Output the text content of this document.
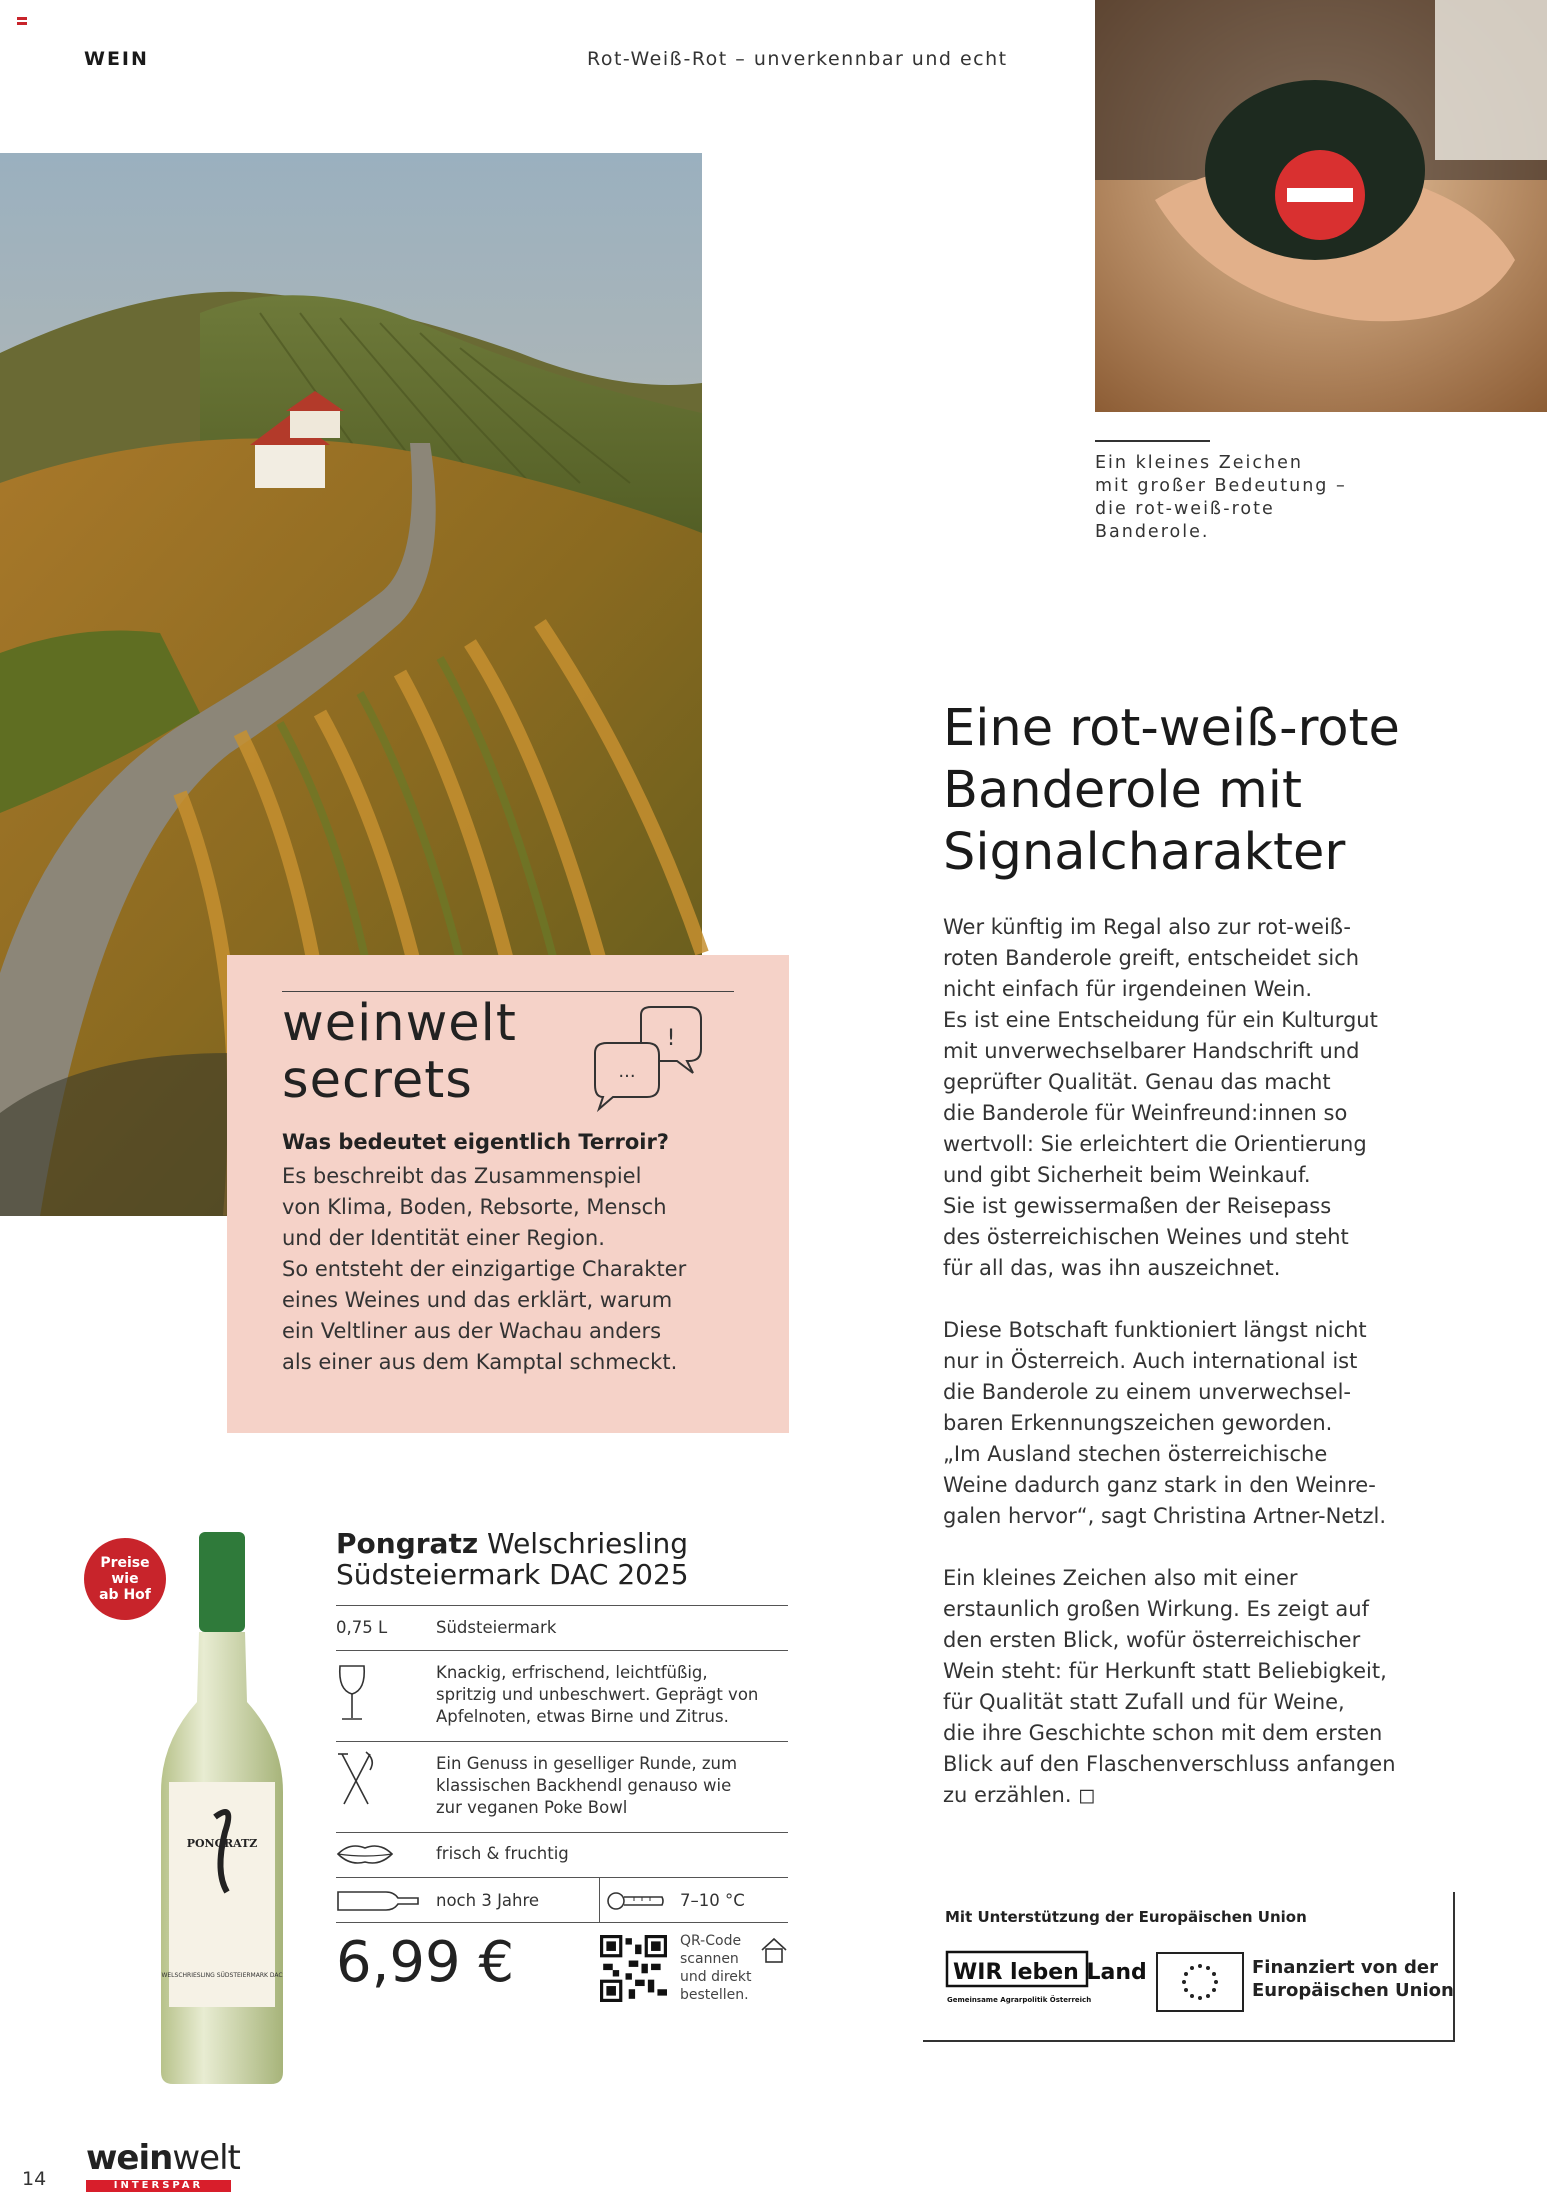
WEIN	Rot-Weiß-Rot – unverkennbar und echt
Ein kleines Zeichen
mit großer Bedeutung –
die rot-weiß-rote
Banderole.
Eine rot-weiß-rote Banderole mit Signalcharakter

Wer künftig im Regal also zur rot-weiß-
roten Banderole greift, entscheidet sich
nicht einfach für irgendeinen Wein.
Es ist eine Entscheidung für ein Kulturgut
mit unverwechselbarer Handschrift und
geprüfter Qualität. Genau das macht
die Banderole für Weinfreund:innen so
wertvoll: Sie erleichtert die Orientierung
und gibt Sicherheit beim Weinkauf.
Sie ist gewissermaßen der Reisepass
des österreichischen Weines und steht
für all das, was ihn auszeichnet.

Diese Botschaft funktioniert längst nicht
nur in Österreich. Auch international ist
die Banderole zu einem unverwechsel-
baren Erkennungszeichen geworden.
„Im Ausland stechen österreichische
Weine dadurch ganz stark in den Weinre-
galen hervor“, sagt Christina Artner-Netzl.

Ein kleines Zeichen also mit einer
erstaunlich großen Wirkung. Es zeigt auf
den ersten Blick, wofür österreichischer
Wein steht: für Herkunft statt Beliebigkeit,
für Qualität statt Zufall und für Weine,
die ihre Geschichte schon mit dem ersten
Blick auf den Flaschenverschluss anfangen
zu erzählen. ◻

weinwelt
secrets
!
...
Was bedeutet eigentlich Terroir?
Es beschreibt das Zusammenspiel
von Klima, Boden, Rebsorte, Mensch
und der Identität einer Region.
So entsteht der einzigartige Charakter
eines Weines und das erklärt, warum
ein Veltliner aus der Wachau anders
als einer aus dem Kamptal schmeckt.
Preise
wie
ab Hof
PONGRATZ
WELSCHRIESLING SÜDSTEIERMARK DAC
Pongratz Welschriesling
Südsteiermark DAC 2025
0,75 L	Südsteiermark
Knackig, erfrischend, leichtfüßig,
spritzig und unbeschwert. Geprägt von
Apfelnoten, etwas Birne und Zitrus.
Ein Genuss in geselliger Runde, zum
klassischen Backhendl genauso wie
zur veganen Poke Bowl
frisch & fruchtig
noch 3 Jahre	7–10 °C
6,99 €	QR-Code
scannen
und direkt
bestellen.
Mit Unterstützung der Europäischen Union
WIR leben Land
Gemeinsame Agrarpolitik Österreich
Finanziert von der
Europäischen Union
14
weinwelt
INTERSPAR
